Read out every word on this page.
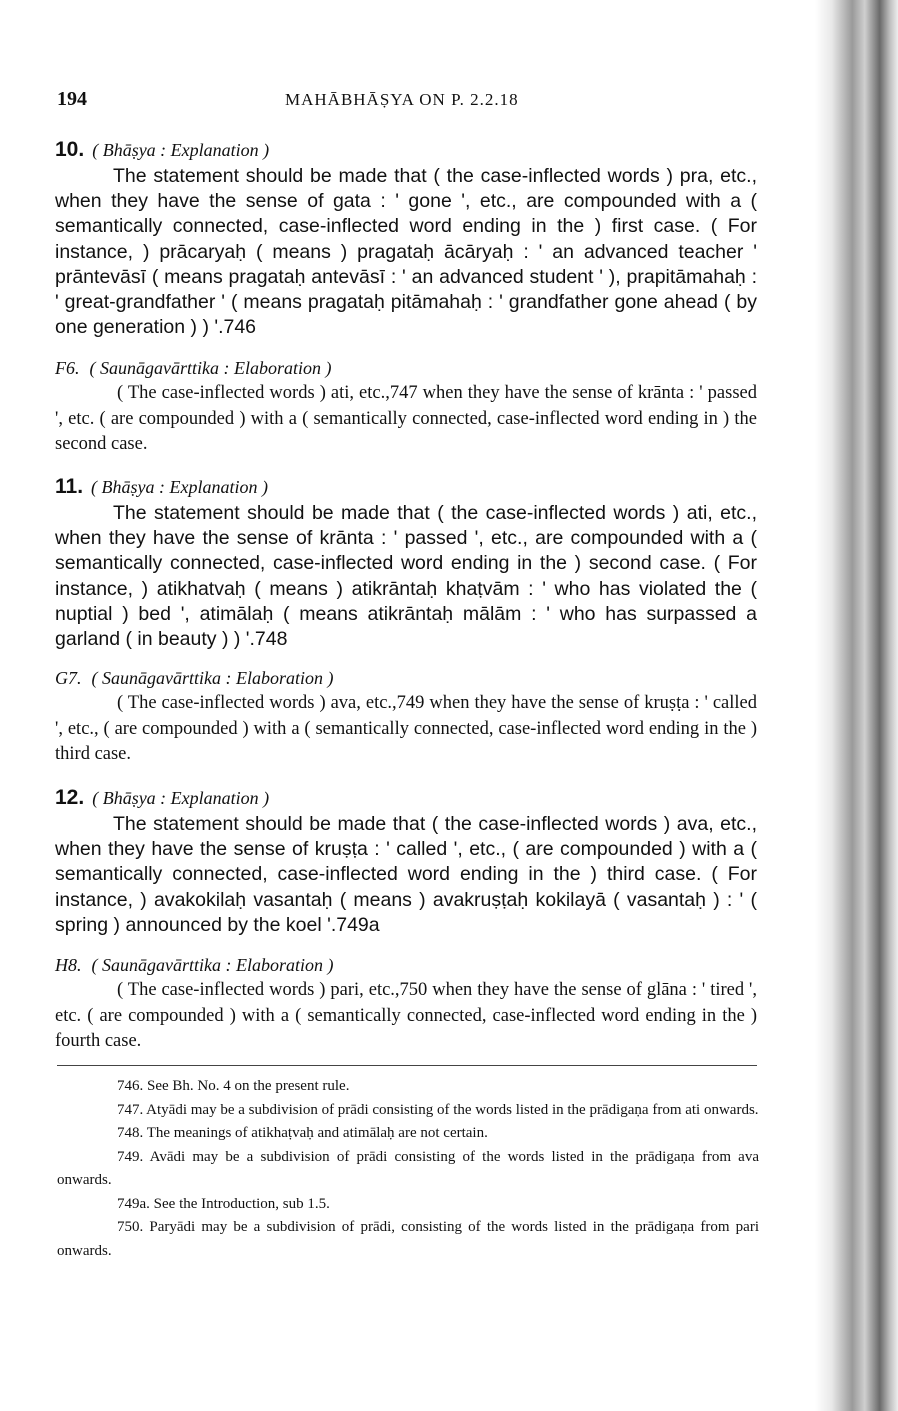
194	MAHĀBHĀṢYA ON P. 2.2.18
10. ( Bhāṣya : Explanation )

The statement should be made that ( the case-inflected words ) pra, etc., when they have the sense of gata : ' gone ', etc., are compounded with a ( semantically connected, case-inflected word ending in the ) first case. ( For instance, ) prācaryaḥ ( means ) pragataḥ ācāryaḥ : ' an advanced teacher ' prāntevāsī ( means pragataḥ antevāsī : ' an advanced student ' ), prapitāmahaḥ : ' great-grandfather ' ( means pragataḥ pitāmahaḥ : ' grandfather gone ahead ( by one generation ) ) '.746

F6. ( Saunāgavārttika : Elaboration )

( The case-inflected words ) ati, etc.,747 when they have the sense of krānta : ' passed ', etc. ( are compounded ) with a ( semantically connected, case-inflected word ending in ) the second case.

11. ( Bhāṣya : Explanation )

The statement should be made that ( the case-inflected words ) ati, etc., when they have the sense of krānta : ' passed ', etc., are compounded with a ( semantically connected, case-inflected word ending in the ) second case. ( For instance, ) atikhatvaḥ ( means ) atikrāntaḥ khaṭvām : ' who has violated the ( nuptial ) bed ', atimālaḥ ( means atikrāntaḥ mālām : ' who has surpassed a garland ( in beauty ) ) '.748

G7. ( Saunāgavārttika : Elaboration )

( The case-inflected words ) ava, etc.,749 when they have the sense of kruṣṭa : ' called ', etc., ( are compounded ) with a ( semantically connected, case-inflected word ending in the ) third case.

12. ( Bhāṣya : Explanation )

The statement should be made that ( the case-inflected words ) ava, etc., when they have the sense of kruṣṭa : ' called ', etc., ( are compounded ) with a ( semantically connected, case-inflected word ending in the ) third case. ( For instance, ) avakokilaḥ vasantaḥ ( means ) avakruṣṭaḥ kokilayā ( vasantaḥ ) : ' ( spring ) announced by the koel '.749a

H8. ( Saunāgavārttika : Elaboration )

( The case-inflected words ) pari, etc.,750 when they have the sense of glāna : ' tired ', etc. ( are compounded ) with a ( semantically connected, case-inflected word ending in the ) fourth case.

746. See Bh. No. 4 on the present rule.

747. Atyādi may be a subdivision of prādi consisting of the words listed in the prādigaṇa from ati onwards.

748. The meanings of atikhaṭvaḥ and atimālaḥ are not certain.

749. Avādi may be a subdivision of prādi consisting of the words listed in the prādigaṇa from ava onwards.

749a. See the Introduction, sub 1.5.

750. Paryādi may be a subdivision of prādi, consisting of the words listed in the prādigaṇa from pari onwards.
